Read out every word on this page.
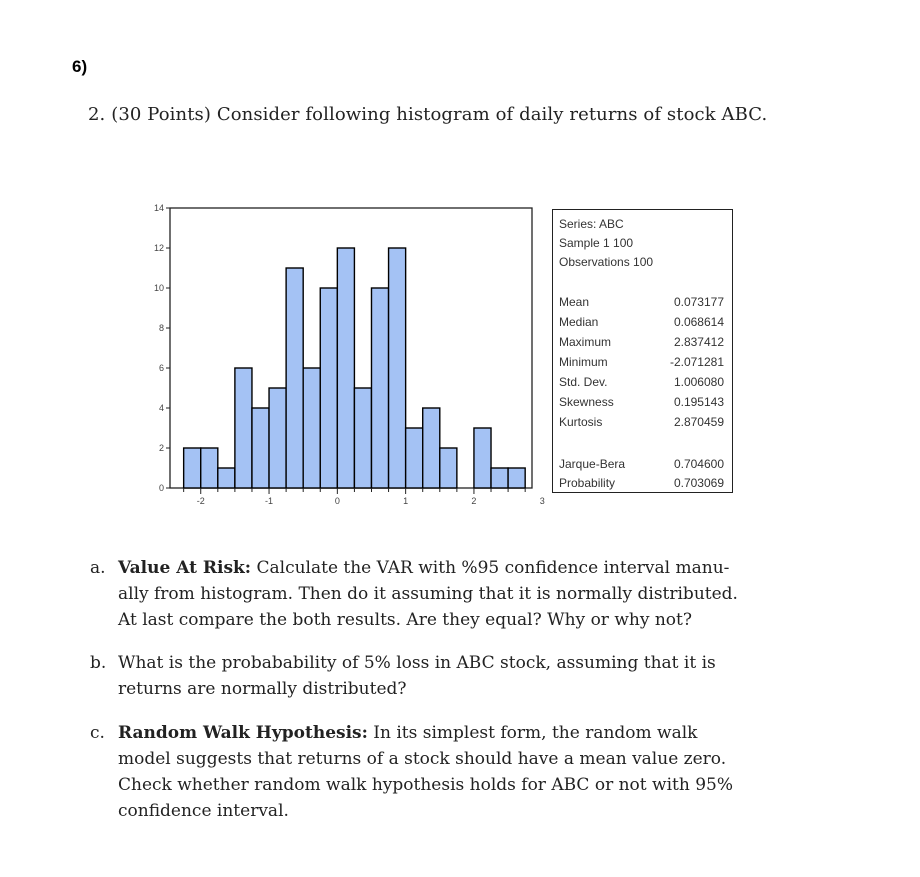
6)
2. (30 Points) Consider following histogram of daily returns of stock ABC.
0
2
4
6
8
10
12
14
-2	-1	0	1	2	3
Series: ABC
Sample 1 100
Observations 100
Mean	0.073177
Median	0.068614
Maximum	2.837412
Minimum	-2.071281
Std. Dev.	1.006080
Skewness	0.195143
Kurtosis	2.870459
Jarque-Bera	0.704600
Probability	0.703069
a. Value At Risk: Calculate the VAR with %95 confidence interval manu-
ally from histogram. Then do it assuming that it is normally distributed.
At last compare the both results. Are they equal? Why or why not?
b. What is the probabability of 5% loss in ABC stock, assuming that it is
returns are normally distributed?
c. Random Walk Hypothesis: In its simplest form, the random walk
model suggests that returns of a stock should have a mean value zero.
Check whether random walk hypothesis holds for ABC or not with 95%
confidence interval.
